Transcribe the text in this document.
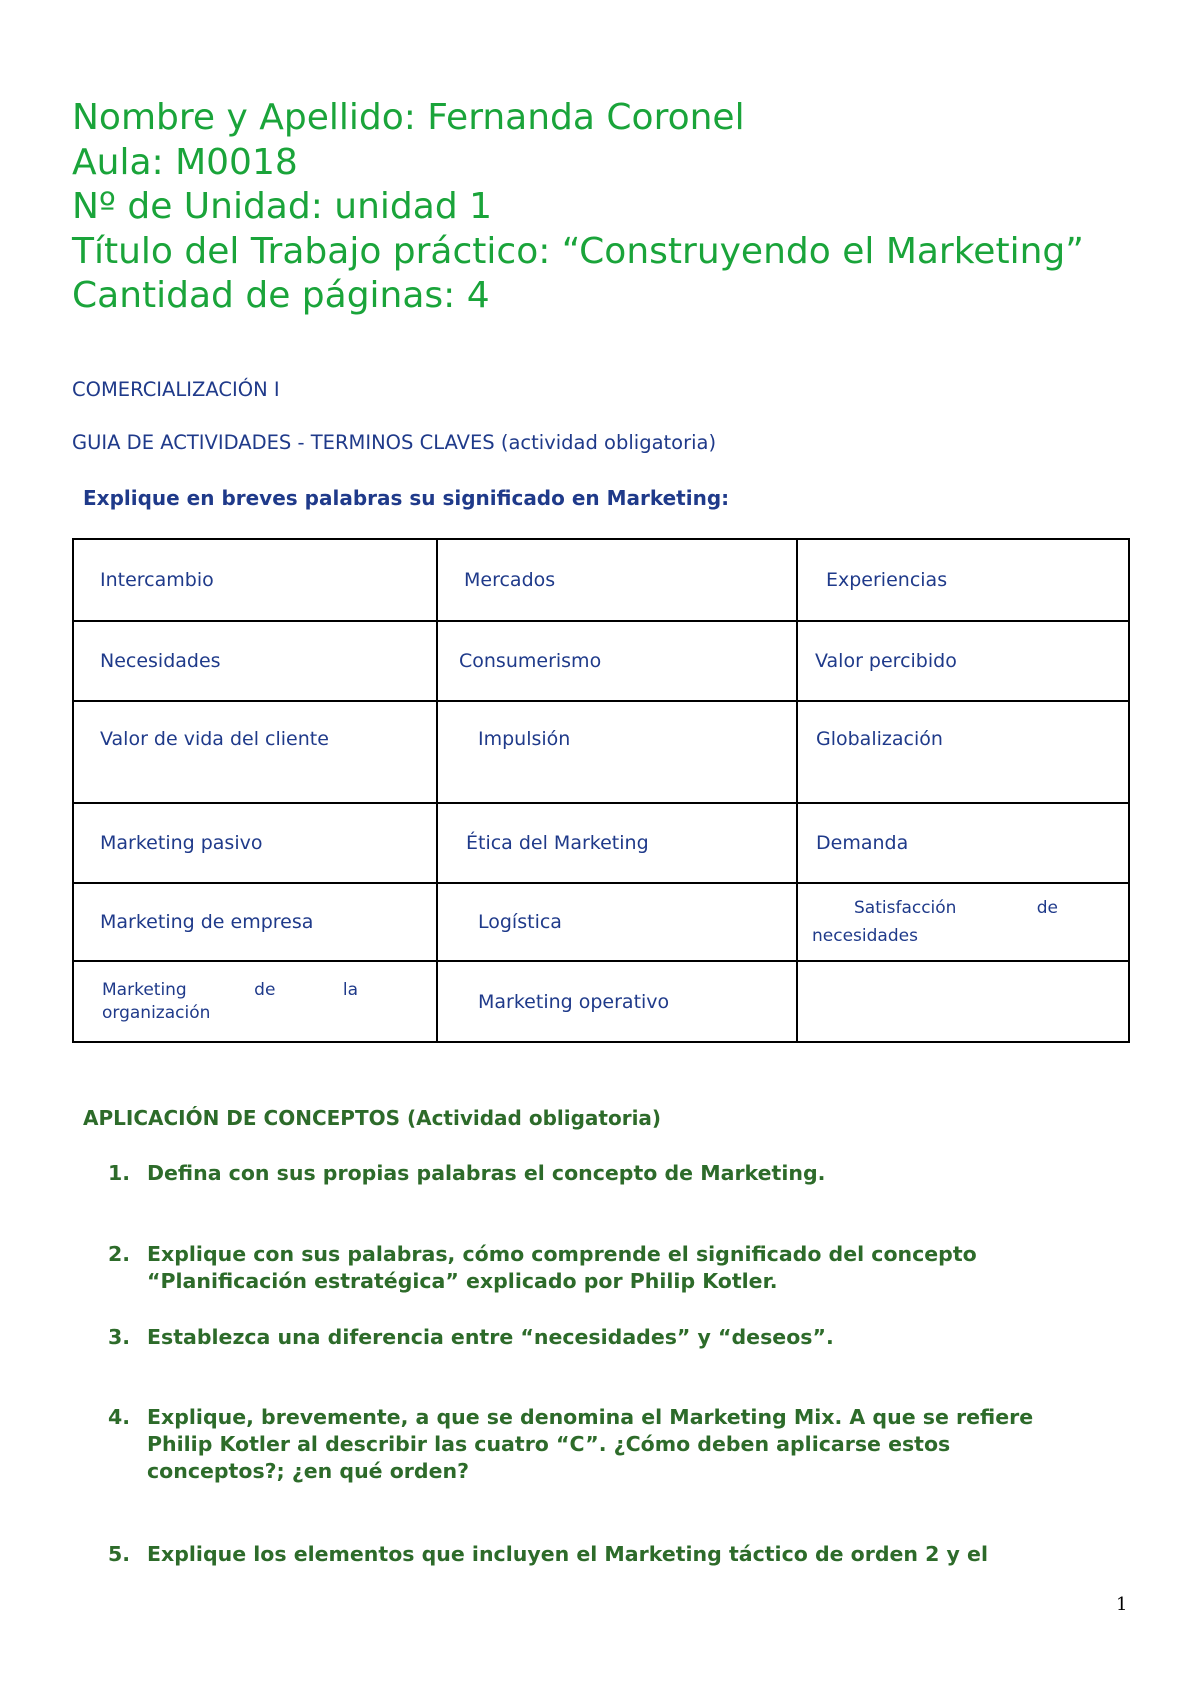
Nombre y Apellido: Fernanda Coronel
Aula: M0018
Nº de Unidad: unidad 1
Título del Trabajo práctico: “Construyendo el Marketing”
Cantidad de páginas: 4
COMERCIALIZACIÓN I
GUIA DE ACTIVIDADES - TERMINOS CLAVES (actividad obligatoria)
Explique en breves palabras su significado en Marketing:
Intercambio	Mercados	Experiencias
Necesidades	Consumerismo	Valor percibido
Valor de vida del cliente	Impulsión	Globalización
Marketing pasivo	Ética del Marketing	Demanda
Marketing de empresa	Logística	Satisfacción de
necesidades

Marketing de la
organización	Marketing operativo	
APLICACIÓN DE CONCEPTOS (Actividad obligatoria)
1. Defina con sus propias palabras el concepto de Marketing.
2. Explique con sus palabras, cómo comprende el significado del concepto
“Planificación estratégica” explicado por Philip Kotler.
3. Establezca una diferencia entre “necesidades” y “deseos”.
4. Explique, brevemente, a que se denomina el Marketing Mix. A que se refiere
Philip Kotler al describir las cuatro “C”. ¿Cómo deben aplicarse estos
conceptos?; ¿en qué orden?
5. Explique los elementos que incluyen el Marketing táctico de orden 2 y el
1
